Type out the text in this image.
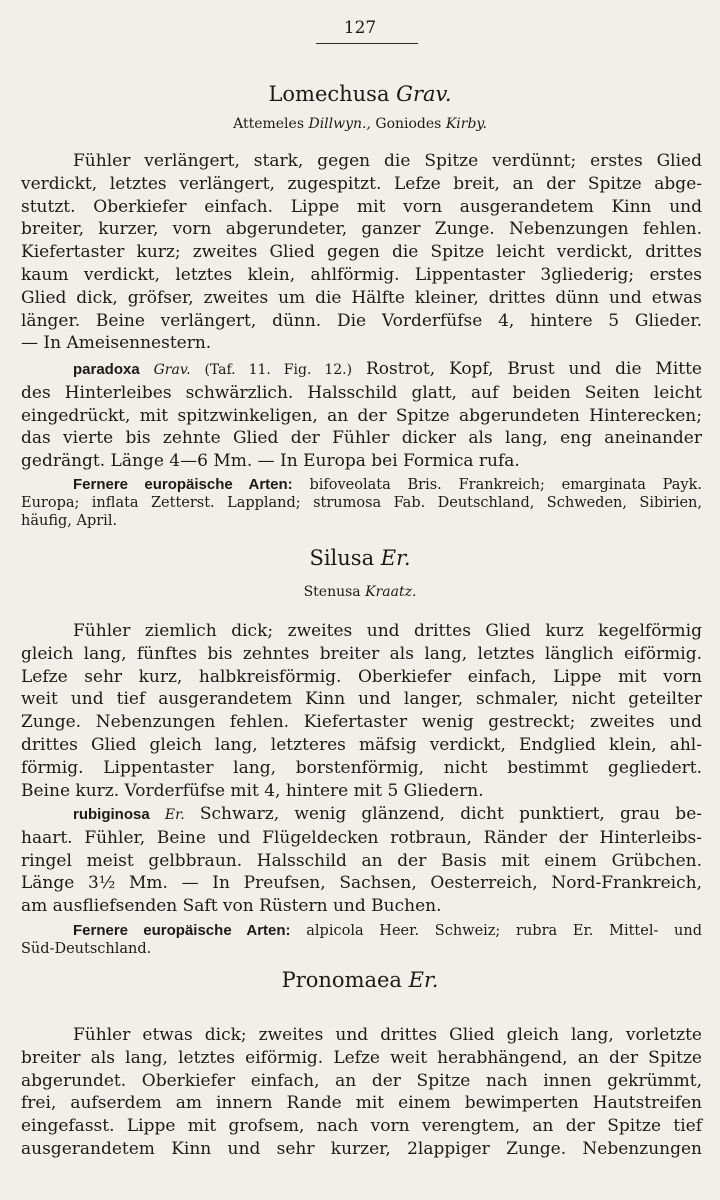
127
Lomechusa Grav.
Attemeles Dillwyn., Goniodes Kirby.
Fühler verlängert, stark, gegen die Spitze verdünnt; erstes Glied
verdickt, letztes verlängert, zugespitzt. Lefze breit, an der Spitze abge-
stutzt. Oberkiefer einfach. Lippe mit vorn ausgerandetem Kinn und
breiter, kurzer, vorn abgerundeter, ganzer Zunge. Nebenzungen fehlen.
Kiefertaster kurz; zweites Glied gegen die Spitze leicht verdickt, drittes
kaum verdickt, letztes klein, ahlförmig. Lippentaster 3gliederig; erstes
Glied dick, gröfser, zweites um die Hälfte kleiner, drittes dünn und etwas
länger. Beine verlängert, dünn. Die Vorderfüfse 4, hintere 5 Glieder.
— In Ameisennestern.
paradoxa Grav. (Taf. 11. Fig. 12.) Rostrot, Kopf, Brust und die Mitte
des Hinterleibes schwärzlich. Halsschild glatt, auf beiden Seiten leicht
eingedrückt, mit spitzwinkeligen, an der Spitze abgerundeten Hinterecken;
das vierte bis zehnte Glied der Fühler dicker als lang, eng aneinander
gedrängt. Länge 4—6 Mm. — In Europa bei Formica rufa.
Fernere europäische Arten: bifoveolata Bris. Frankreich; emarginata Payk.
Europa; inflata Zetterst. Lappland; strumosa Fab. Deutschland, Schweden, Sibirien,
häufig, April.
Silusa Er.
Stenusa Kraatz.
Fühler ziemlich dick; zweites und drittes Glied kurz kegelförmig
gleich lang, fünftes bis zehntes breiter als lang, letztes länglich eiförmig.
Lefze sehr kurz, halbkreisförmig. Oberkiefer einfach, Lippe mit vorn
weit und tief ausgerandetem Kinn und langer, schmaler, nicht geteilter
Zunge. Nebenzungen fehlen. Kiefertaster wenig gestreckt; zweites und
drittes Glied gleich lang, letzteres mäfsig verdickt, Endglied klein, ahl-
förmig. Lippentaster lang, borstenförmig, nicht bestimmt gegliedert.
Beine kurz. Vorderfüfse mit 4, hintere mit 5 Gliedern.
rubiginosa Er. Schwarz, wenig glänzend, dicht punktiert, grau be-
haart. Fühler, Beine und Flügeldecken rotbraun, Ränder der Hinterleibs-
ringel meist gelbbraun. Halsschild an der Basis mit einem Grübchen.
Länge 3½ Mm. — In Preufsen, Sachsen, Oesterreich, Nord-Frankreich,
am ausfliefsenden Saft von Rüstern und Buchen.
Fernere europäische Arten: alpicola Heer. Schweiz; rubra Er. Mittel- und
Süd-Deutschland.
Pronomaea Er.
Fühler etwas dick; zweites und drittes Glied gleich lang, vorletzte
breiter als lang, letztes eiförmig. Lefze weit herabhängend, an der Spitze
abgerundet. Oberkiefer einfach, an der Spitze nach innen gekrümmt,
frei, aufserdem am innern Rande mit einem bewimperten Hautstreifen
eingefasst. Lippe mit grofsem, nach vorn verengtem, an der Spitze tief
ausgerandetem Kinn und sehr kurzer, 2lappiger Zunge. Nebenzungen
